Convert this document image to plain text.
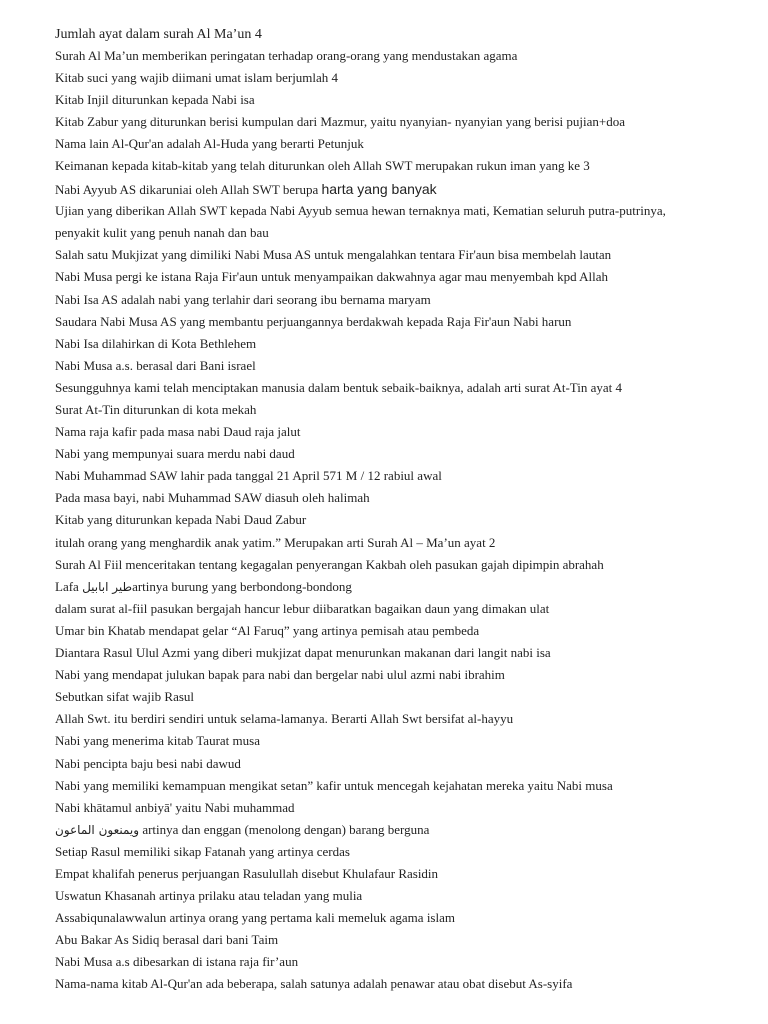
Jumlah ayat dalam surah Al Ma’un 4
Surah Al Ma’un memberikan peringatan terhadap orang-orang yang mendustakan agama
Kitab suci yang wajib diimani umat islam berjumlah 4
Kitab Injil diturunkan kepada Nabi isa
Kitab Zabur yang diturunkan berisi kumpulan dari Mazmur, yaitu nyanyian- nyanyian yang berisi pujian+doa
Nama lain Al-Qur'an adalah Al-Huda yang berarti Petunjuk
Keimanan kepada kitab-kitab yang telah diturunkan oleh Allah SWT merupakan rukun iman yang ke 3
Nabi Ayyub AS dikaruniai oleh Allah SWT berupa harta yang banyak
Ujian yang diberikan Allah SWT kepada Nabi Ayyub semua hewan ternaknya mati, Kematian seluruh putra-putrinya,
penyakit kulit yang penuh nanah dan bau
Salah satu Mukjizat yang dimiliki Nabi Musa AS untuk mengalahkan tentara Fir'aun bisa membelah lautan
Nabi Musa pergi ke istana Raja Fir'aun untuk menyampaikan dakwahnya agar mau menyembah kpd Allah
Nabi Isa AS adalah nabi yang terlahir dari seorang ibu bernama maryam
Saudara Nabi Musa AS yang membantu perjuangannya berdakwah kepada Raja Fir'aun Nabi harun
Nabi Isa dilahirkan di Kota Bethlehem
Nabi Musa a.s. berasal dari Bani israel
Sesungguhnya kami telah menciptakan manusia dalam bentuk sebaik-baiknya, adalah arti surat At-Tin ayat 4
Surat At-Tin diturunkan di kota mekah
Nama raja kafir pada masa nabi Daud raja jalut
Nabi yang mempunyai suara merdu nabi daud
Nabi Muhammad SAW lahir pada tanggal 21 April 571 M / 12 rabiul awal
Pada masa bayi, nabi Muhammad SAW diasuh oleh halimah
Kitab yang diturunkan kepada Nabi Daud Zabur
itulah orang yang menghardik anak yatim.” Merupakan arti Surah Al – Ma’un ayat 2
Surah Al Fiil menceritakan tentang kegagalan penyerangan Kakbah oleh pasukan gajah dipimpin abrahah
Lafa طير ابابيلartinya burung yang berbondong-bondong
dalam surat al-fiil pasukan bergajah hancur lebur diibaratkan bagaikan daun yang dimakan ulat
Umar bin Khatab mendapat gelar “Al Faruq” yang artinya pemisah atau pembeda
Diantara Rasul Ulul Azmi yang diberi mukjizat dapat menurunkan makanan dari langit nabi isa
Nabi yang mendapat julukan bapak para nabi dan bergelar nabi ulul azmi nabi ibrahim
Sebutkan sifat wajib Rasul
Allah Swt. itu berdiri sendiri untuk selama-lamanya. Berarti Allah Swt bersifat al-hayyu
Nabi yang menerima kitab Taurat musa
Nabi pencipta baju besi nabi dawud
Nabi yang memiliki kemampuan mengikat setan” kafir untuk mencegah kejahatan mereka yaitu Nabi musa
Nabi khātamul anbiyā' yaitu Nabi muhammad
ويمنعون الماعون artinya dan enggan (menolong dengan) barang berguna
Setiap Rasul memiliki sikap Fatanah yang artinya cerdas
Empat khalifah penerus perjuangan Rasulullah disebut Khulafaur Rasidin
Uswatun Khasanah artinya prilaku atau teladan yang mulia
Assabiqunalawwalun artinya orang yang pertama kali memeluk agama islam
Abu Bakar As Sidiq berasal dari bani Taim
Nabi Musa a.s dibesarkan di istana raja fir’aun
Nama-nama kitab Al-Qur'an ada beberapa, salah satunya adalah penawar atau obat disebut As-syifa
